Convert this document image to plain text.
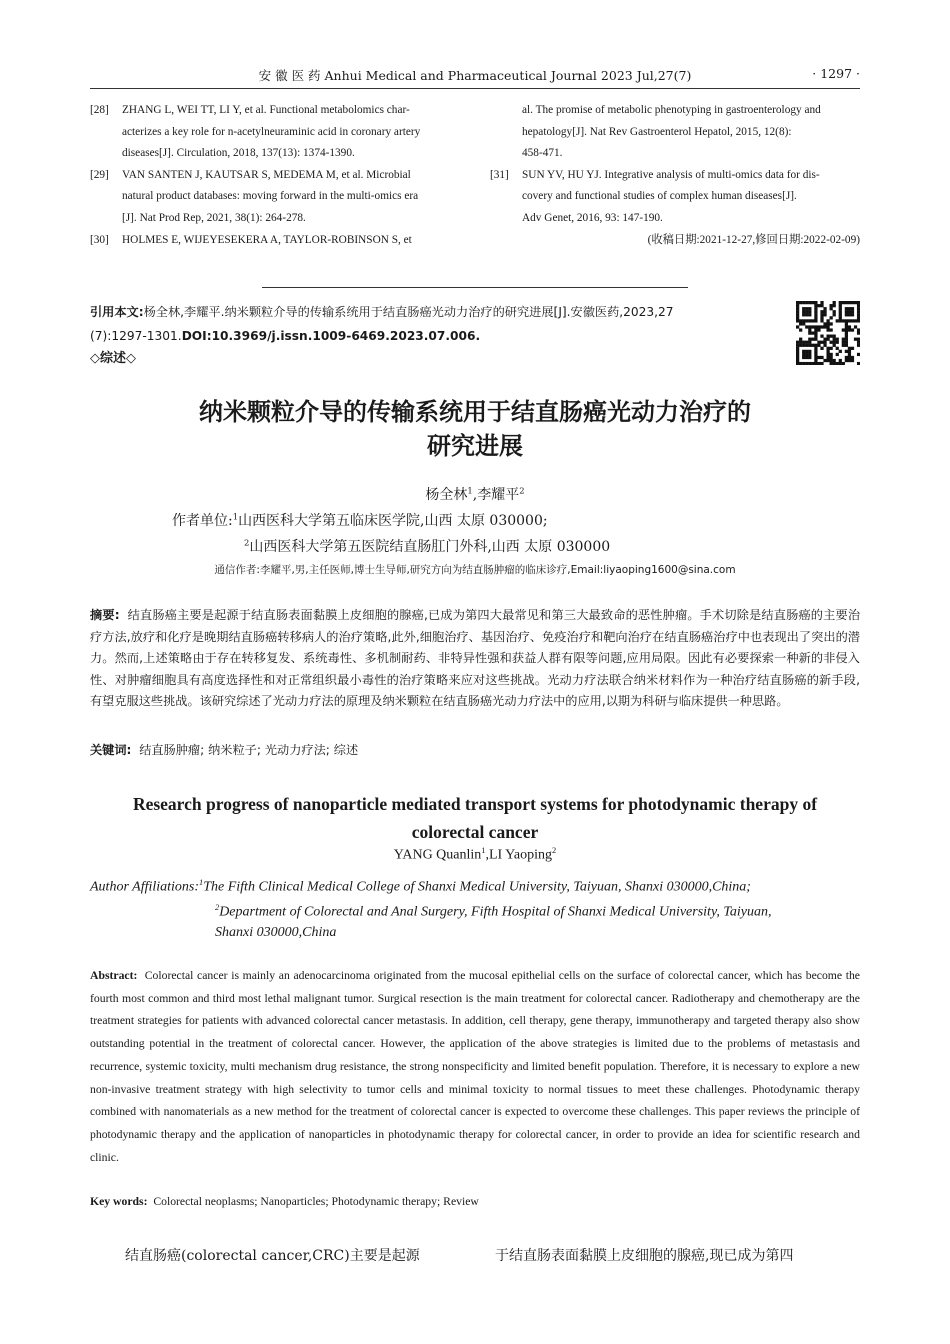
安 徽 医 药 Anhui Medical and Pharmaceutical Journal 2023 Jul,27(7)	· 1297 ·
[28]	ZHANG L, WEI TT, LI Y, et al. Functional metabolomics char-
acterizes a key role for n-acetylneuraminic acid in coronary artery
diseases[J]. Circulation, 2018, 137(13): 1374-1390.
[29]	VAN SANTEN J, KAUTSAR S, MEDEMA M, et al. Microbial
natural product databases: moving forward in the multi-omics era
[J]. Nat Prod Rep, 2021, 38(1): 264-278.
[30]	HOLMES E, WIJEYESEKERA A, TAYLOR-ROBINSON S, et
al. The promise of metabolic phenotyping in gastroenterology and
hepatology[J]. Nat Rev Gastroenterol Hepatol, 2015, 12(8):
458-471.
[31]	SUN YV, HU YJ. Integrative analysis of multi-omics data for dis-
covery and functional studies of complex human diseases[J].
Adv Genet, 2016, 93: 147-190.
(收稿日期:2021-12-27,修回日期:2022-02-09)
引用本文:杨全林,李耀平.纳米颗粒介导的传输系统用于结直肠癌光动力治疗的研究进展[J].安徽医药,2023,27
(7):1297-1301.DOI:10.3969/j.issn.1009-6469.2023.07.006.
◇综述◇
纳米颗粒介导的传输系统用于结直肠癌光动力治疗的
研究进展
杨全林$^1$,李耀平$^2$
作者单位:$^1$山西医科大学第五临床医学院,山西 太原 030000;
$^2$山西医科大学第五医院结直肠肛门外科,山西 太原 030000
通信作者:李耀平,男,主任医师,博士生导师,研究方向为结直肠肿瘤的临床诊疗,Email:liyaoping1600@sina.com
摘要: 结直肠癌主要是起源于结直肠表面黏膜上皮细胞的腺癌,已成为第四大最常见和第三大最致命的恶性肿瘤。手术切除是结直肠癌的主要治疗方法,放疗和化疗是晚期结直肠癌转移病人的治疗策略,此外,细胞治疗、基因治疗、免疫治疗和靶向治疗在结直肠癌治疗中也表现出了突出的潜力。然而,上述策略由于存在转移复发、系统毒性、多机制耐药、非特异性强和获益人群有限等问题,应用局限。因此有必要探索一种新的非侵入性、对肿瘤细胞具有高度选择性和对正常组织最小毒性的治疗策略来应对这些挑战。光动力疗法联合纳米材料作为一种治疗结直肠癌的新手段,有望克服这些挑战。该研究综述了光动力疗法的原理及纳米颗粒在结直肠癌光动力疗法中的应用,以期为科研与临床提供一种思路。
关键词: 结直肠肿瘤; 纳米粒子; 光动力疗法; 综述
Research progress of nanoparticle mediated transport systems for photodynamic therapy of
colorectal cancer
YANG Quanlin$^1$,LI Yaoping$^2$
Author Affiliations:$^1$The Fifth Clinical Medical College of Shanxi Medical University, Taiyuan, Shanxi 030000,China;
$^2$Department of Colorectal and Anal Surgery, Fifth Hospital of Shanxi Medical University, Taiyuan,
Shanxi 030000,China
Abstract: Colorectal cancer is mainly an adenocarcinoma originated from the mucosal epithelial cells on the surface of colorectal cancer, which has become the fourth most common and third most lethal malignant tumor. Surgical resection is the main treatment for colorectal cancer. Radiotherapy and chemotherapy are the treatment strategies for patients with advanced colorectal cancer metastasis. In addition, cell therapy, gene therapy, immunotherapy and targeted therapy also show outstanding potential in the treatment of colorectal cancer. However, the application of the above strategies is limited due to the problems of metastasis and recurrence, systemic toxicity, multi mechanism drug resistance, the strong nonspecificity and limited benefit population. Therefore, it is necessary to explore a new non-invasive treatment strategy with high selectivity to tumor cells and minimal toxicity to normal tissues to meet these challenges. Photodynamic therapy combined with nanomaterials as a new method for the treatment of colorectal cancer is expected to overcome these challenges. This paper reviews the principle of photodynamic therapy and the application of nanoparticles in photodynamic therapy for colorectal cancer, in order to provide an idea for scientific research and clinic.
Key words: Colorectal neoplasms; Nanoparticles; Photodynamic therapy; Review
结直肠癌(colorectal cancer,CRC)主要是起源	于结直肠表面黏膜上皮细胞的腺癌,现已成为第四
